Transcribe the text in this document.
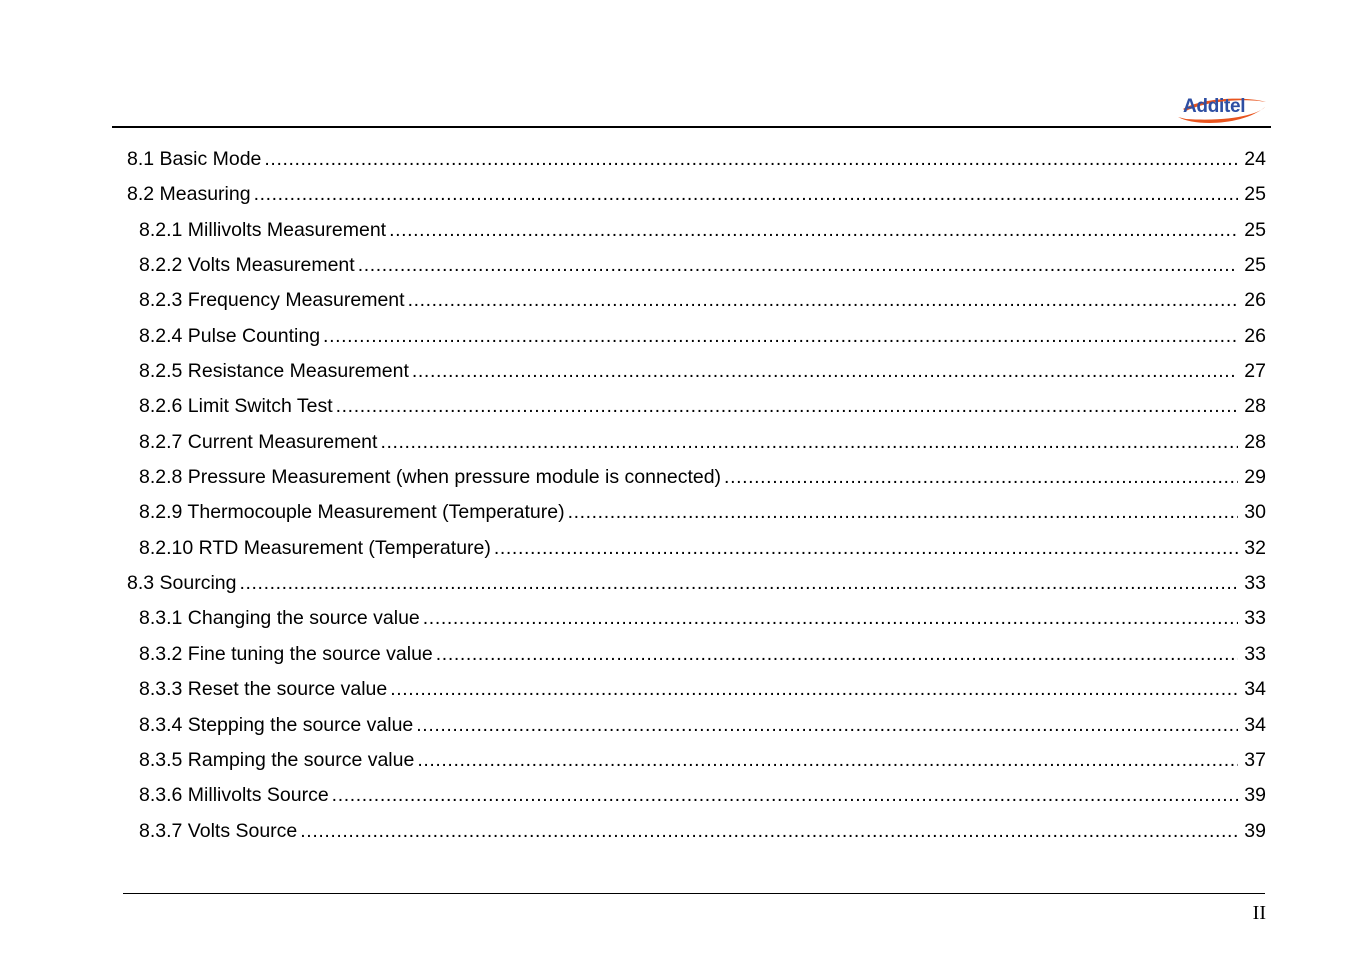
Additel
8.1 Basic Mode .....	24
8.2 Measuring .....	25
8.2.1 Millivolts Measurement .....	25
8.2.2 Volts Measurement .....	25
8.2.3 Frequency Measurement .....	26
8.2.4 Pulse Counting .....	26
8.2.5 Resistance Measurement .....	27
8.2.6 Limit Switch Test .....	28
8.2.7 Current Measurement .....	28
8.2.8 Pressure Measurement (when pressure module is connected) .....	29
8.2.9 Thermocouple Measurement (Temperature) .....	30
8.2.10 RTD Measurement (Temperature) .....	32
8.3 Sourcing .....	33
8.3.1 Changing the source value .....	33
8.3.2 Fine tuning the source value .....	33
8.3.3 Reset the source value .....	34
8.3.4 Stepping the source value .....	34
8.3.5 Ramping the source value .....	37
8.3.6 Millivolts Source .....	39
8.3.7 Volts Source .....	39
II
